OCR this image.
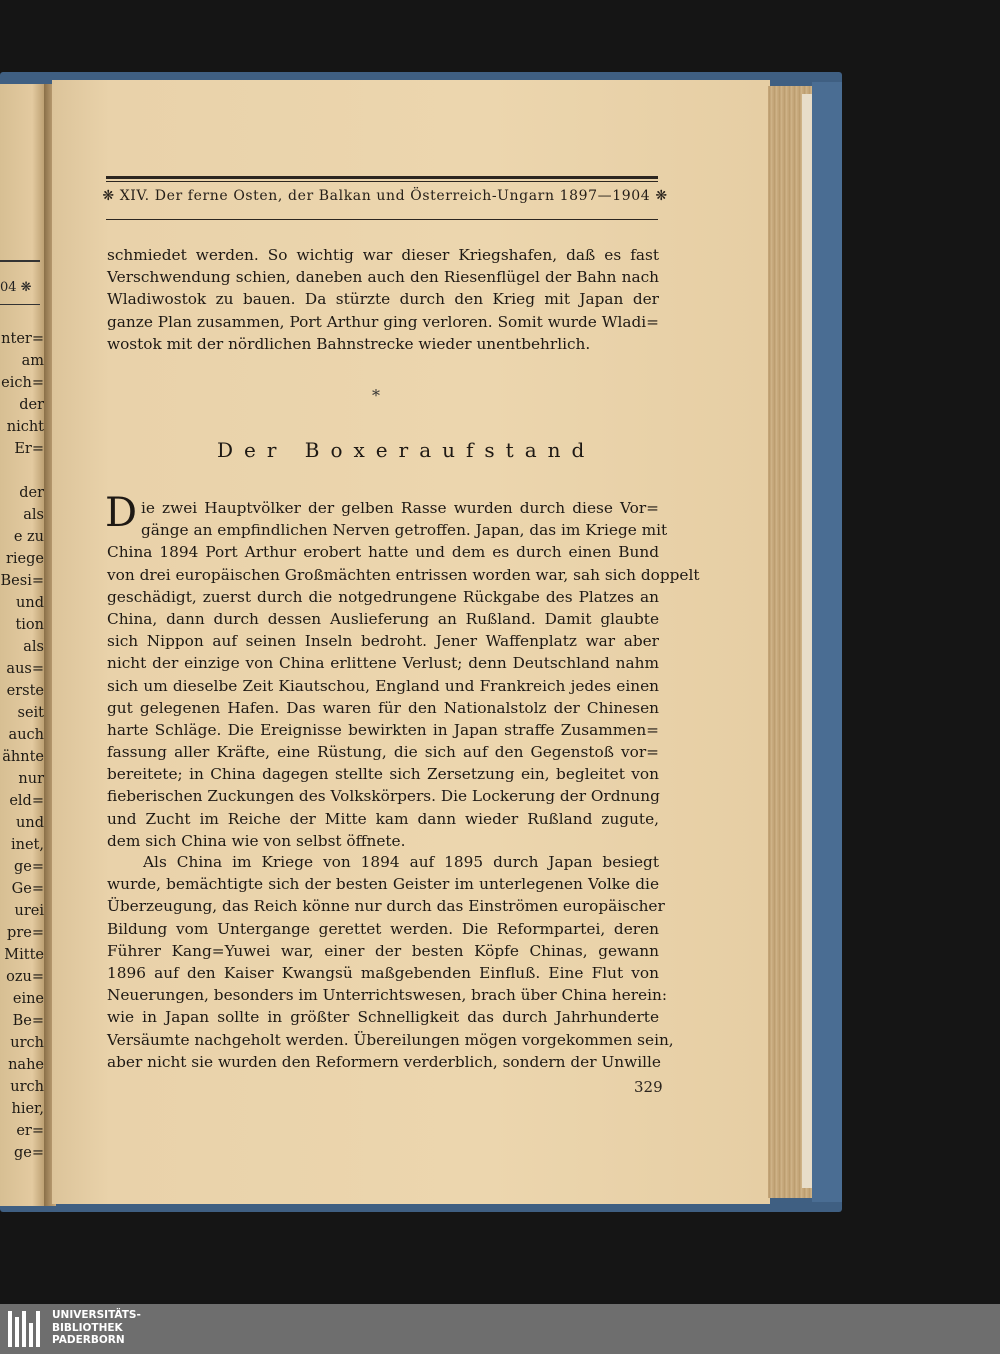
04 ❋
nter=
am
eich=
der
nicht
Er=
der
als
e zu
riege
Besi=
und
tion
als
aus=
erste
seit
auch
ähnte
nur
eld=
und
inet,
ge=
Ge=
urei
pre=
Mitte
ozu=
eine
Be=
urch
nahe
urch
hier,
er=
ge=
❋ XIV. Der ferne Osten, der Balkan und Österreich-Ungarn 1897—1904 ❋
schmiedet werden. So wichtig war dieser Kriegshafen, daß es fast
Verschwendung schien, daneben auch den Riesenflügel der Bahn nach
Wladiwostok zu bauen. Da stürzte durch den Krieg mit Japan der
ganze Plan zusammen, Port Arthur ging verloren. Somit wurde Wladi=
wostok mit der nördlichen Bahnstrecke wieder unentbehrlich.
*
Der Boxeraufstand
D ie zwei Hauptvölker der gelben Rasse wurden durch diese Vor=
gänge an empfindlichen Nerven getroffen. Japan, das im Kriege mit
China 1894 Port Arthur erobert hatte und dem es durch einen Bund
von drei europäischen Großmächten entrissen worden war, sah sich doppelt
geschädigt, zuerst durch die notgedrungene Rückgabe des Platzes an
China, dann durch dessen Auslieferung an Rußland. Damit glaubte
sich Nippon auf seinen Inseln bedroht. Jener Waffenplatz war aber
nicht der einzige von China erlittene Verlust; denn Deutschland nahm
sich um dieselbe Zeit Kiautschou, England und Frankreich jedes einen
gut gelegenen Hafen. Das waren für den Nationalstolz der Chinesen
harte Schläge. Die Ereignisse bewirkten in Japan straffe Zusammen=
fassung aller Kräfte, eine Rüstung, die sich auf den Gegenstoß vor=
bereitete; in China dagegen stellte sich Zersetzung ein, begleitet von
fieberischen Zuckungen des Volkskörpers. Die Lockerung der Ordnung
und Zucht im Reiche der Mitte kam dann wieder Rußland zugute,
dem sich China wie von selbst öffnete.
Als China im Kriege von 1894 auf 1895 durch Japan besiegt
wurde, bemächtigte sich der besten Geister im unterlegenen Volke die
Überzeugung, das Reich könne nur durch das Einströmen europäischer
Bildung vom Untergange gerettet werden. Die Reformpartei, deren
Führer Kang=Yuwei war, einer der besten Köpfe Chinas, gewann
1896 auf den Kaiser Kwangsü maßgebenden Einfluß. Eine Flut von
Neuerungen, besonders im Unterrichtswesen, brach über China herein:
wie in Japan sollte in größter Schnelligkeit das durch Jahrhunderte
Versäumte nachgeholt werden. Übereilungen mögen vorgekommen sein,
aber nicht sie wurden den Reformern verderblich, sondern der Unwille
329
UNIVERSITÄTS-
BIBLIOTHEK
PADERBORN
